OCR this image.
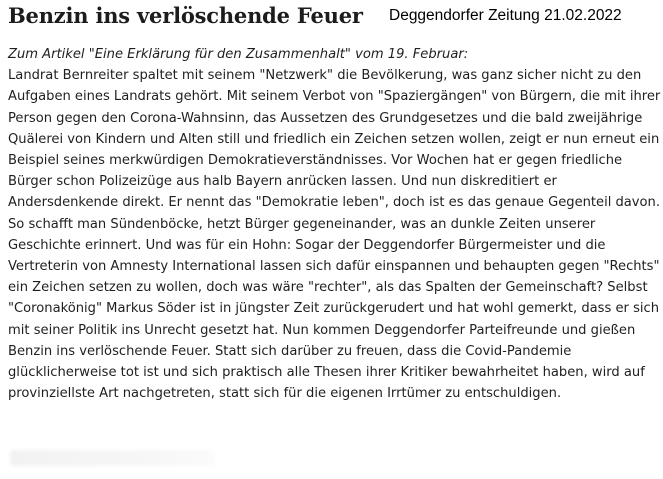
Benzin ins verlöschende Feuer Deggendorfer Zeitung 21.02.2022
Zum Artikel "Eine Erklärung für den Zusammenhalt" vom 19. Februar:
Landrat Bernreiter spaltet mit seinem "Netzwerk" die Bevölkerung, was ganz sicher nicht zu den
Aufgaben eines Landrats gehört. Mit seinem Verbot von "Spaziergängen" von Bürgern, die mit ihrer
Person gegen den Corona-Wahnsinn, das Aussetzen des Grundgesetzes und die bald zweijährige
Quälerei von Kindern und Alten still und friedlich ein Zeichen setzen wollen, zeigt er nun erneut ein
Beispiel seines merkwürdigen Demokratieverständnisses. Vor Wochen hat er gegen friedliche
Bürger schon Polizeizüge aus halb Bayern anrücken lassen. Und nun diskreditiert er
Andersdenkende direkt. Er nennt das "Demokratie leben", doch ist es das genaue Gegenteil davon.
So schafft man Sündenböcke, hetzt Bürger gegeneinander, was an dunkle Zeiten unserer
Geschichte erinnert. Und was für ein Hohn: Sogar der Deggendorfer Bürgermeister und die
Vertreterin von Amnesty International lassen sich dafür einspannen und behaupten gegen "Rechts"
ein Zeichen setzen zu wollen, doch was wäre "rechter", als das Spalten der Gemeinschaft? Selbst
"Coronakönig" Markus Söder ist in jüngster Zeit zurückgerudert und hat wohl gemerkt, dass er sich
mit seiner Politik ins Unrecht gesetzt hat. Nun kommen Deggendorfer Parteifreunde und gießen
Benzin ins verlöschende Feuer. Statt sich darüber zu freuen, dass die Covid-Pandemie
glücklicherweise tot ist und sich praktisch alle Thesen ihrer Kritiker bewahrheitet haben, wird auf
provinziellste Art nachgetreten, statt sich für die eigenen Irrtümer zu entschuldigen.
